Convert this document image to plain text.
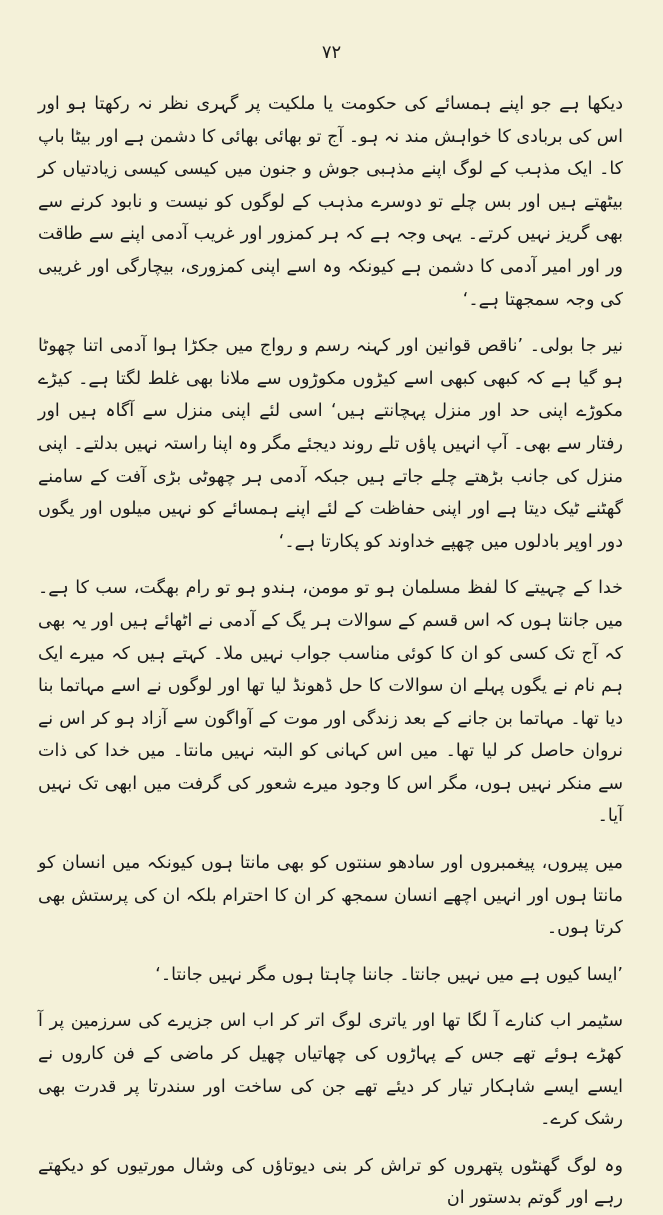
۷۲

دیکھا ہے جو اپنے ہمسائے کی حکومت یا ملکیت پر گہری نظر نہ رکھتا ہو اور اس کی بربادی کا خواہش مند نہ ہو۔ آج تو بھائی بھائی کا دشمن ہے اور بیٹا باپ کا۔ ایک مذہب کے لوگ اپنے مذہبی جوش و جنون میں کیسی کیسی زیادتیاں کر بیٹھتے ہیں اور بس چلے تو دوسرے مذہب کے لوگوں کو نیست و نابود کرنے سے بھی گریز نہیں کرتے۔ یہی وجہ ہے کہ ہر کمزور اور غریب آدمی اپنے سے طاقت ور اور امیر آدمی کا دشمن ہے کیونکہ وہ اسے اپنی کمزوری، بیچارگی اور غریبی کی وجہ سمجھتا ہے۔‘

نیر جا بولی۔ ’ناقص قوانین اور کہنہ رسم و رواج میں جکڑا ہوا آدمی اتنا چھوٹا ہو گیا ہے کہ کبھی کبھی اسے کیڑوں مکوڑوں سے ملانا بھی غلط لگتا ہے۔ کیڑے مکوڑے اپنی حد اور منزل پہچانتے ہیں‘ اسی لئے اپنی منزل سے آگاہ ہیں اور رفتار سے بھی۔ آپ انہیں پاؤں تلے روند دیجئے مگر وہ اپنا راستہ نہیں بدلتے۔ اپنی منزل کی جانب بڑھتے چلے جاتے ہیں جبکہ آدمی ہر چھوٹی بڑی آفت کے سامنے گھٹنے ٹیک دیتا ہے اور اپنی حفاظت کے لئے اپنے ہمسائے کو نہیں میلوں اور یگوں دور اوپر بادلوں میں چھپے خداوند کو پکارتا ہے۔‘

خدا کے چہیتے کا لفظ مسلمان ہو تو مومن، ہندو ہو تو رام بھگت، سب کا ہے۔ میں جانتا ہوں کہ اس قسم کے سوالات ہر یگ کے آدمی نے اٹھائے ہیں اور یہ بھی کہ آج تک کسی کو ان کا کوئی مناسب جواب نہیں ملا۔ کہتے ہیں کہ میرے ایک ہم نام نے یگوں پہلے ان سوالات کا حل ڈھونڈ لیا تھا اور لوگوں نے اسے مہاتما بنا دیا تھا۔ مہاتما بن جانے کے بعد زندگی اور موت کے آواگون سے آزاد ہو کر اس نے نروان حاصل کر لیا تھا۔ میں اس کہانی کو البتہ نہیں مانتا۔ میں خدا کی ذات سے منکر نہیں ہوں، مگر اس کا وجود میرے شعور کی گرفت میں ابھی تک نہیں آیا۔

میں پیروں، پیغمبروں اور سادھو سنتوں کو بھی مانتا ہوں کیونکہ میں انسان کو مانتا ہوں اور انہیں اچھے انسان سمجھ کر ان کا احترام بلکہ ان کی پرستش بھی کرتا ہوں۔

’ایسا کیوں ہے میں نہیں جانتا۔ جاننا چاہتا ہوں مگر نہیں جانتا۔‘

سٹیمر اب کنارے آ لگا تھا اور یاتری لوگ اتر کر اب اس جزیرے کی سرزمین پر آ کھڑے ہوئے تھے جس کے پہاڑوں کی چھاتیاں چھیل کر ماضی کے فن کاروں نے ایسے ایسے شاہکار تیار کر دیئے تھے جن کی ساخت اور سندرتا پر قدرت بھی رشک کرے۔

وہ لوگ گھنٹوں پتھروں کو تراش کر بنی دیوتاؤں کی وشال مورتیوں کو دیکھتے رہے اور گوتم بدستور ان
